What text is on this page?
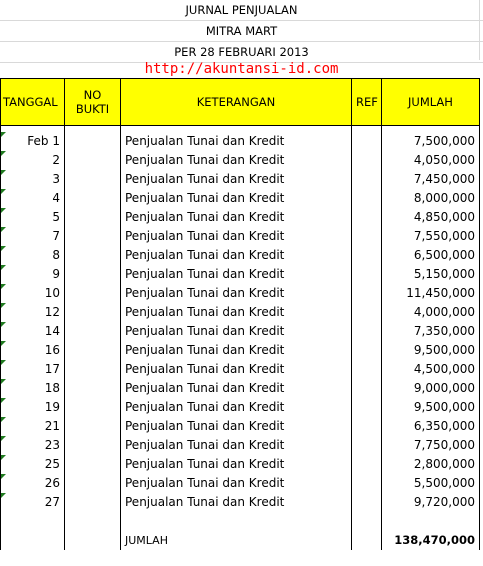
JURNAL PENJUALAN
MITRA MART
PER 28 FEBRUARI 2013
http://akuntansi-id.com
TANGGAL	NO BUKTI	KETERANGAN	REF	JUMLAH

Feb 1		Penjualan Tunai dan Kredit		7,500,000

2		Penjualan Tunai dan Kredit		4,050,000

3		Penjualan Tunai dan Kredit		7,450,000

4		Penjualan Tunai dan Kredit		8,000,000

5		Penjualan Tunai dan Kredit		4,850,000

7		Penjualan Tunai dan Kredit		7,550,000

8		Penjualan Tunai dan Kredit		6,500,000

9		Penjualan Tunai dan Kredit		5,150,000

10		Penjualan Tunai dan Kredit		11,450,000

12		Penjualan Tunai dan Kredit		4,000,000

14		Penjualan Tunai dan Kredit		7,350,000

16		Penjualan Tunai dan Kredit		9,500,000

17		Penjualan Tunai dan Kredit		4,500,000

18		Penjualan Tunai dan Kredit		9,000,000

19		Penjualan Tunai dan Kredit		9,500,000

21		Penjualan Tunai dan Kredit		6,350,000

23		Penjualan Tunai dan Kredit		7,750,000

25		Penjualan Tunai dan Kredit		2,800,000

26		Penjualan Tunai dan Kredit		5,500,000

27		Penjualan Tunai dan Kredit		9,720,000

		JUMLAH		138,470,000
